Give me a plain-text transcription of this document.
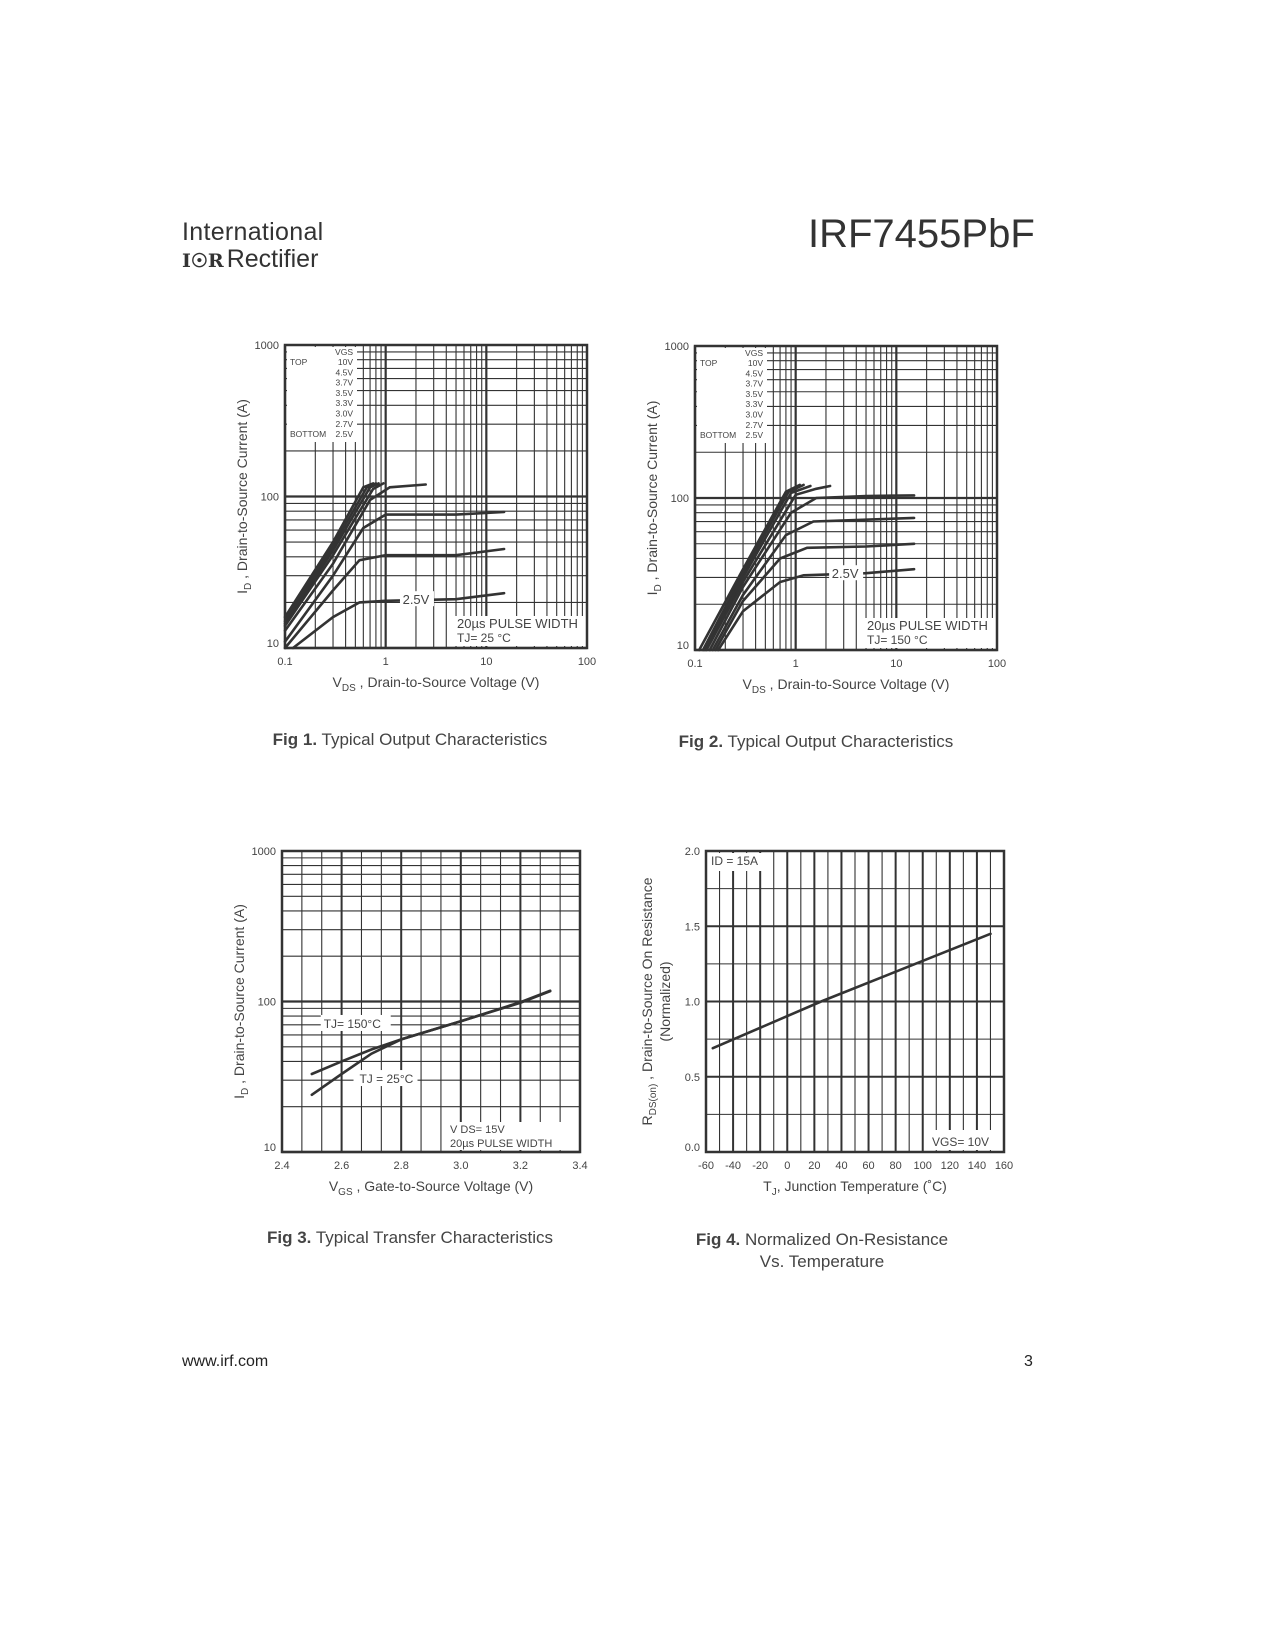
International
I☉R Rectifier
IRF7455PbF
0.1	1	10	100
10
100
1000
$V_{DS}$ , Drain-to-Source Voltage (V)
$I_D$ , Drain-to-Source Current (A)
VGS
TOP
BOTTOM
10V
4.5V
3.7V
3.5V
3.3V
3.0V
2.7V
2.5V
2.5V
20µs PULSE WIDTH
TJ= 25 °C
Fig 1. Typical Output Characteristics
0.1	1	10	100
10
100
1000
$V_{DS}$ , Drain-to-Source Voltage (V)
$I_D$ , Drain-to-Source Current (A)
VGS
TOP
BOTTOM
10V
4.5V
3.7V
3.5V
3.3V
3.0V
2.7V
2.5V
2.5V
20µs PULSE WIDTH
TJ= 150 °C
Fig 2. Typical Output Characteristics
2.4	2.6	2.8	3.0	3.2	3.4
10
100
1000
$V_{GS}$ , Gate-to-Source Voltage (V)
$I_D$ , Drain-to-Source Current (A)	TJ= 150°C
TJ = 25°C
V DS= 15V
20µs PULSE WIDTH
Fig 3. Typical Transfer Characteristics
-60 -40 -20 0 20 40 60 80 100 120 140 160
0.0
0.5
1.0
1.5
2.0
$T_J$, Junction Temperature (˚C)
$R_{DS(on)}$ , Drain-to-Source On Resistance (Normalized)
ID = 15A
VGS= 10V
Fig 4. Normalized On-Resistance
Vs. Temperature
www.irf.com	3
